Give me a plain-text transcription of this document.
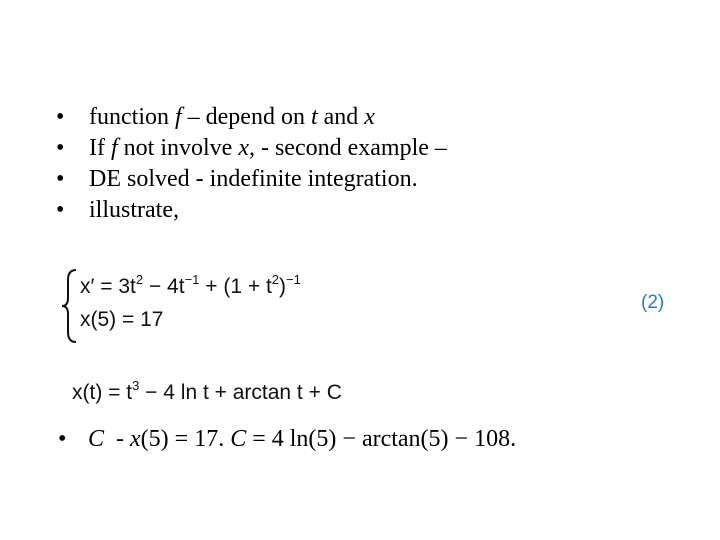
• function f – depend on t and x
• If f not involve x, - second example –
• DE solved - indefinite integration.
• illustrate,
$x' = 3t^2 - 4t^{-1} + (1 + t^2)^{-1}$
x(5) = 17
(2)
$x(t) = t^3 - 4$ ln t + arctan t + C
• C  - x(5) = 17. C = 4 ln(5) − arctan(5) − 108.
